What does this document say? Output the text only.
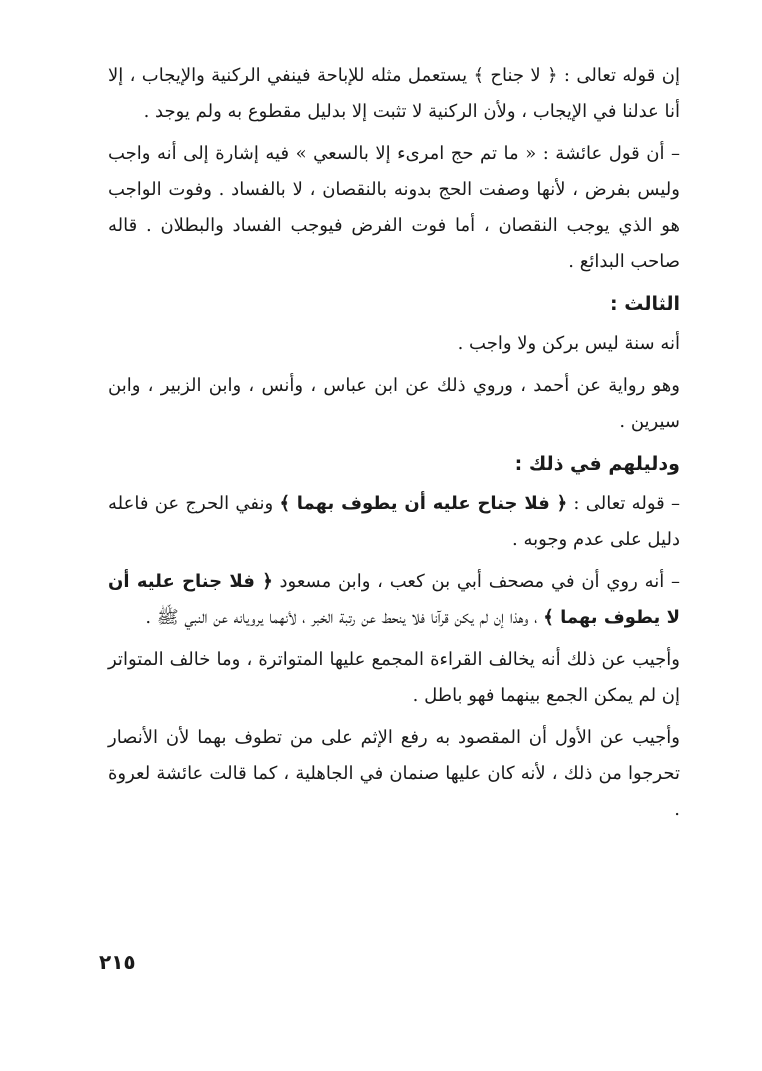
إن قوله تعالى : ﴿ لا جناح ﴾ يستعمل مثله للإباحة فينفي الركنية والإيجاب ، إلا أنا عدلنا في الإيجاب ، ولأن الركنية لا تثبت إلا بدليل مقطوع به ولم يوجد .

– أن قول عائشة : « ما تم حج امرىء إلا بالسعي » فيه إشارة إلى أنه واجب وليس بفرض ، لأنها وصفت الحج بدونه بالنقصان ، لا بالفساد . وفوت الواجب هو الذي يوجب النقصان ، أما فوت الفرض فيوجب الفساد والبطلان . قاله صاحب البدائع .

الثالث :

أنه سنة ليس بركن ولا واجب .

وهو رواية عن أحمد ، وروي ذلك عن ابن عباس ، وأنس ، وابن الزبير ، وابن سيرين .

ودليلهم في ذلك :

– قوله تعالى : ﴿ فلا جناح عليه أن يطوف بهما ﴾ ونفي الحرج عن فاعله دليل على عدم وجوبه .

– أنه روي أن في مصحف أبي بن كعب ، وابن مسعود ﴿ فلا جناح عليه أن لا يطوف بهما ﴾ ، وهذا إن لم يكن قرآنا فلا ينحط عن رتبة الخبر ، لأنهما يرويانه عن النبي ﷺ .

وأجيب عن ذلك أنه يخالف القراءة المجمع عليها المتواترة ، وما خالف المتواتر إن لم يمكن الجمع بينهما فهو باطل .

وأجيب عن الأول أن المقصود به رفع الإثم على من تطوف بهما لأن الأنصار تحرجوا من ذلك ، لأنه كان عليها صنمان في الجاهلية ، كما قالت عائشة لعروة .

٢١٥
